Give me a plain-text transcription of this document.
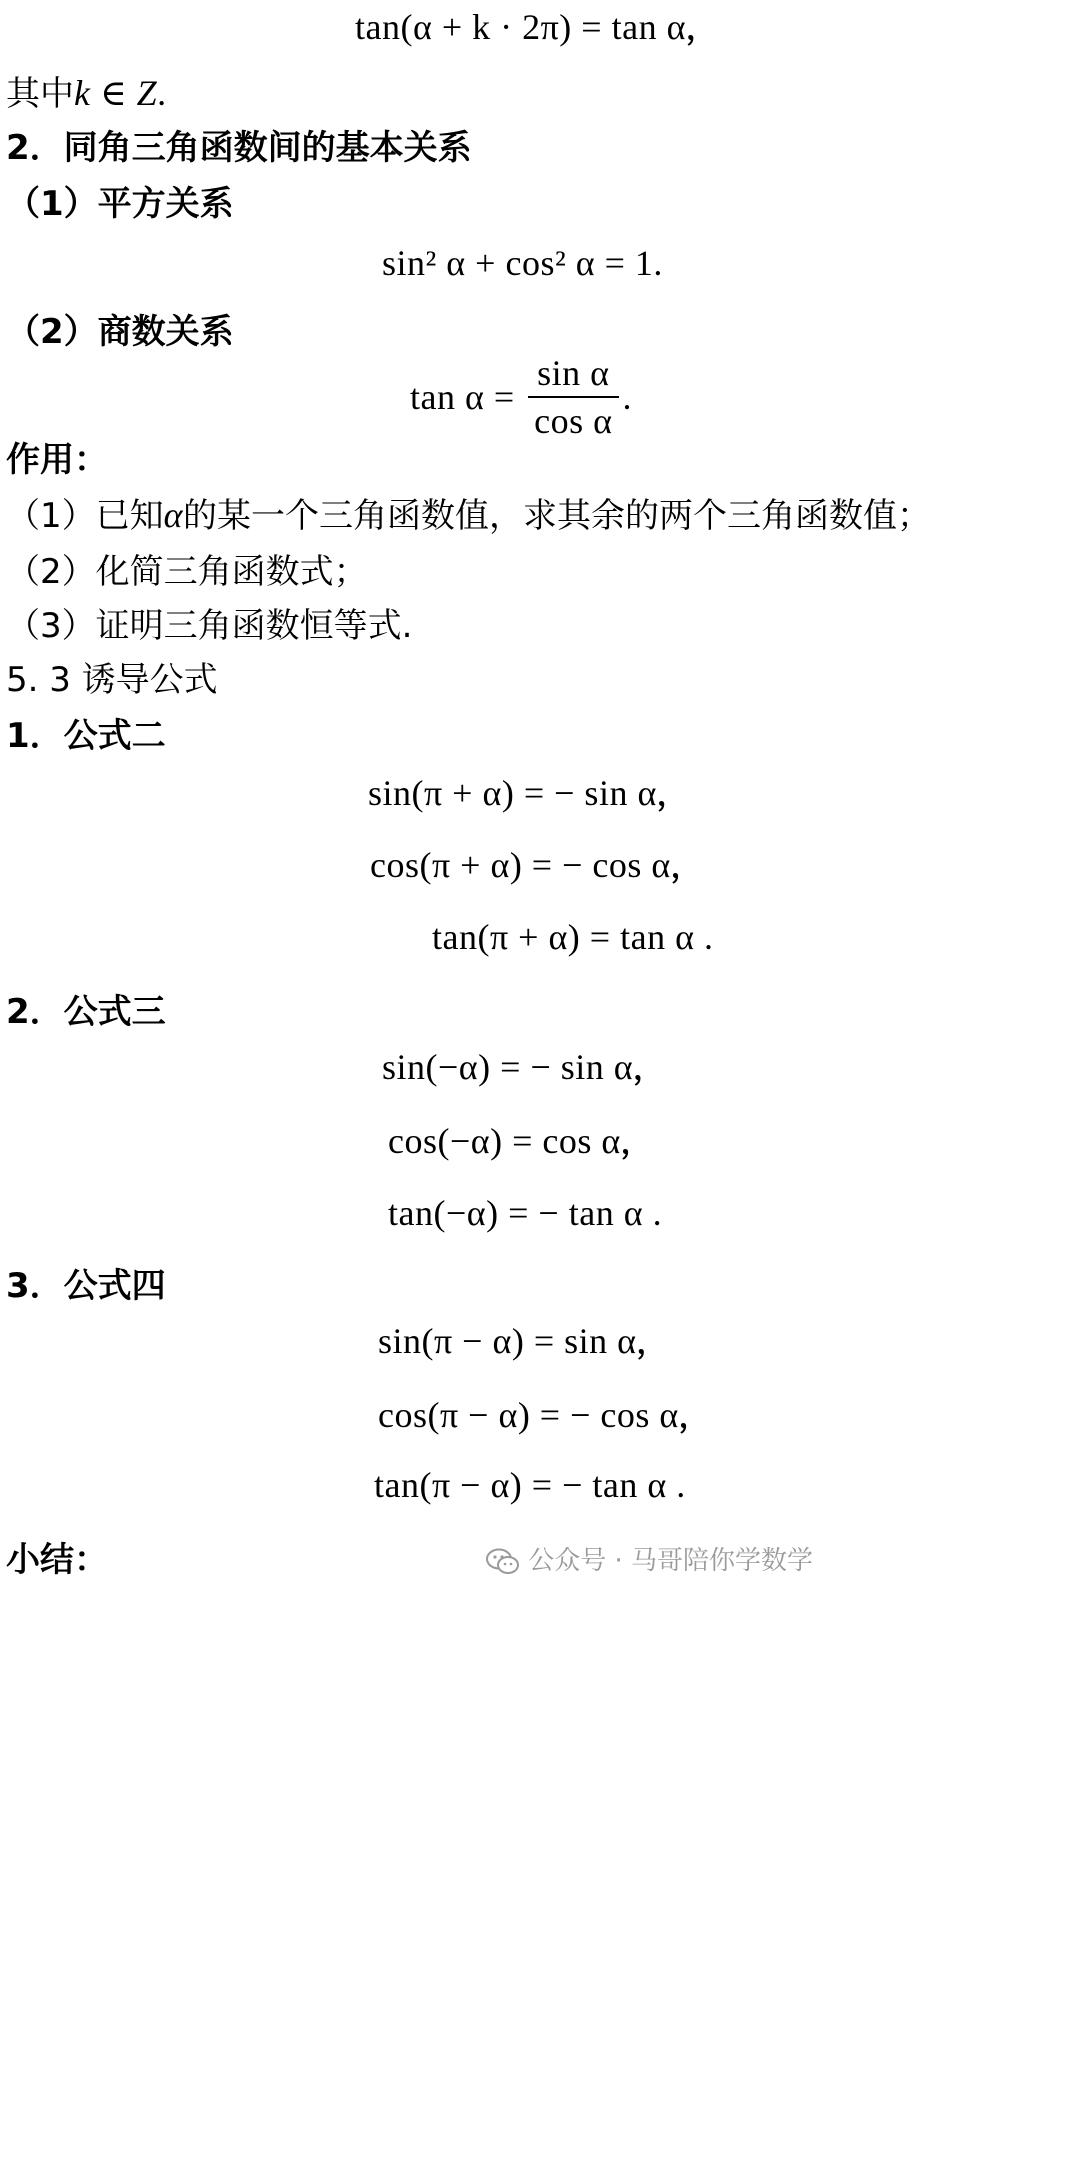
tan(α + k · 2π) = tan α，
其中k ∈ Z.
2．同角三角函数间的基本关系
（1）平方关系
sin² α + cos² α = 1.
（2）商数关系
$\tan \alpha = \frac{\text{sin α}}{\text{cos α}}$ .
作用：
（1）已知α的某一个三角函数值，求其余的两个三角函数值；
（2）化简三角函数式；
（3）证明三角函数恒等式.
5. 3 诱导公式
1．公式二
sin(π + α) = − sin α，
cos(π + α) = − cos α，
tan(π + α) = tan α .
2．公式三
sin(−α) = − sin α，
cos(−α) = cos α，
tan(−α) = − tan α .
3．公式四
sin(π − α) = sin α，
cos(π − α) = − cos α，
tan(π − α) = − tan α .
小结：	公众号 · 马哥陪你学数学
